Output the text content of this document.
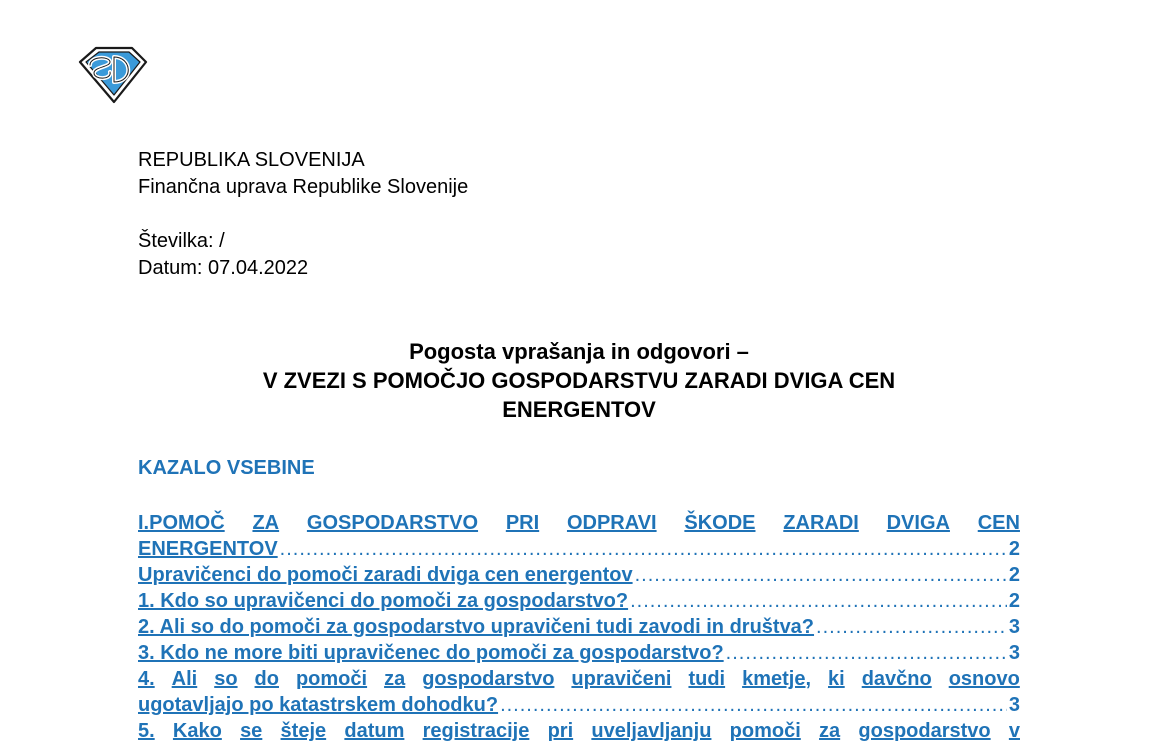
REPUBLIKA SLOVENIJA
Finančna uprava Republike Slovenije
Številka: /
Datum: 07.04.2022
Pogosta vprašanja in odgovori –
V ZVEZI S POMOČJO GOSPODARSTVU ZARADI DVIGA CEN
ENERGENTOV
KAZALO VSEBINE
I.POMOČ ZA GOSPODARSTVO PRI ODPRAVI ŠKODE ZARADI DVIGA CEN
ENERGENTOV .....	2
Upravičenci do pomoči zaradi dviga cen energentov .....	2
1. Kdo so upravičenci do pomoči za gospodarstvo? .....	2
2. Ali so do pomoči za gospodarstvo upravičeni tudi zavodi in društva? .....	3
3. Kdo ne more biti upravičenec do pomoči za gospodarstvo? .....	3
4. Ali so do pomoči za gospodarstvo upravičeni tudi kmetje, ki davčno osnovo
ugotavljajo po katastrskem dohodku? .....	3
5. Kako se šteje datum registracije pri uveljavljanju pomoči za gospodarstvo v
